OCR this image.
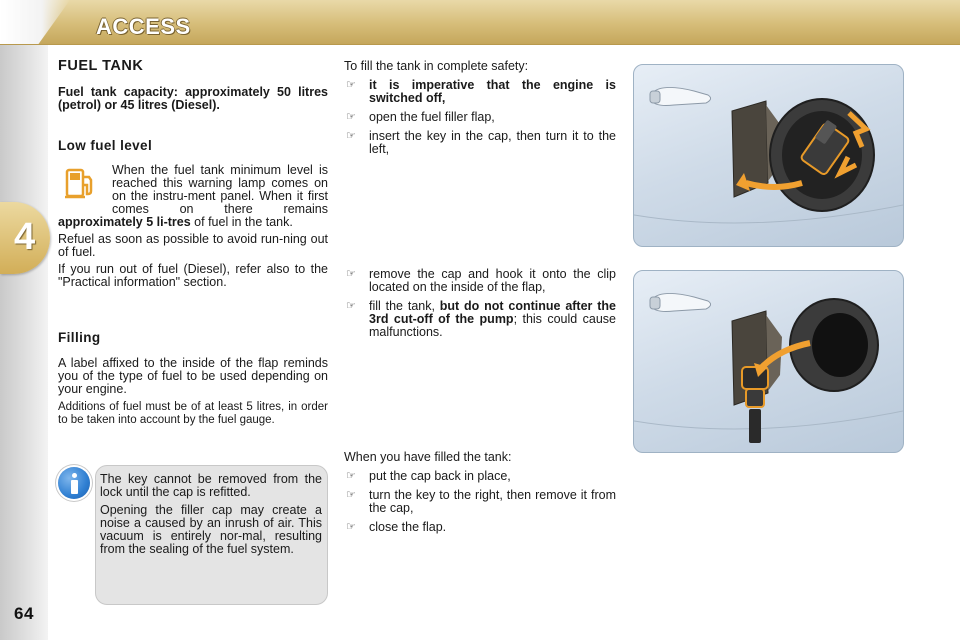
ACCESS
4
64
FUEL TANK

Fuel tank capacity: approximately 50 litres (petrol) or 45 litres (Diesel).

Low fuel level

When the fuel tank minimum level is reached this warning lamp comes on on the instru-ment panel. When it first comes on there remains approximately 5 li-tres of fuel in the tank.

Refuel as soon as possible to avoid run-ning out of fuel.

If you run out of fuel (Diesel), refer also to the "Practical information" section.

Filling

A label affixed to the inside of the flap reminds you of the type of fuel to be used depending on your engine.

Additions of fuel must be of at least 5 litres, in order to be taken into account by the fuel gauge.

The key cannot be removed from the lock until the cap is refitted.

Opening the filler cap may create a noise a caused by an inrush of air. This vacuum is entirely nor-mal, resulting from the sealing of the fuel system.

To fill the tank in complete safety:

☞ it is imperative that the engine is switched off,
☞ open the fuel filler flap,
☞ insert the key in the cap, then turn it to the left,
☞ remove the cap and hook it onto the clip located on the inside of the flap,
☞ fill the tank, but do not continue after the 3rd cut-off of the pump; this could cause malfunctions.

When you have filled the tank:

☞ put the cap back in place,
☞ turn the key to the right, then remove it from the cap,
☞ close the flap.
